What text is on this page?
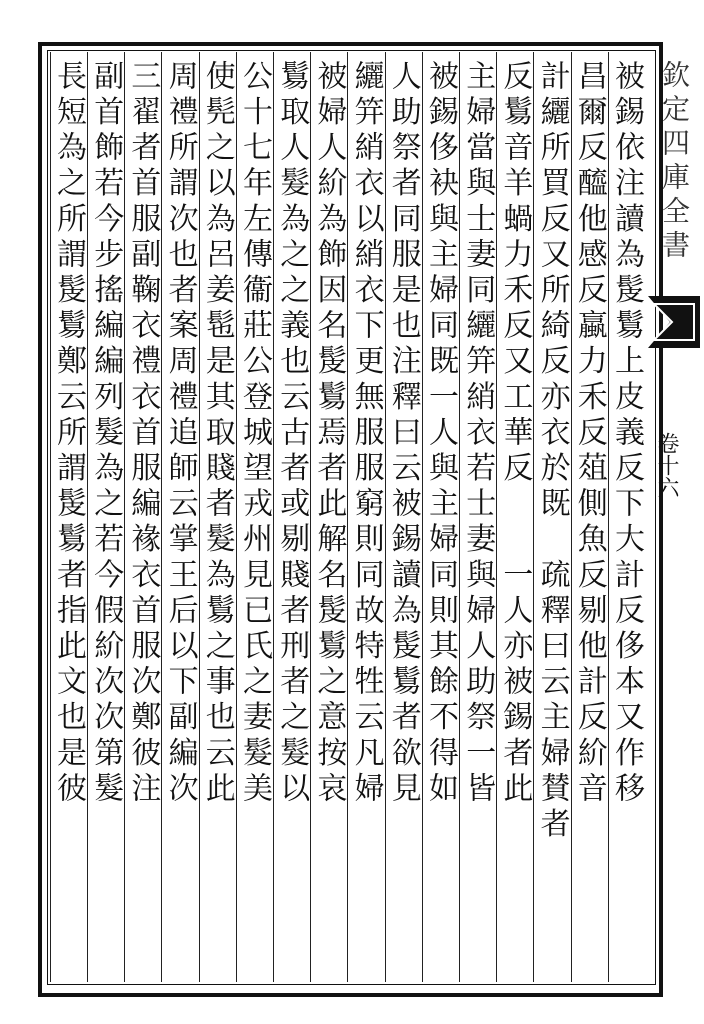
欽定四庫全書
卷十六
被錫依注讀為髲鬄上皮義反下大計反侈本又作移
昌爾反醯他感反蠃力禾反葅側魚反剔他計反紒音
計纚所買反又所綺反亦衣於既　疏釋曰云主婦賛者
反鬄音羊蝸力禾反又工華反　　一人亦被錫者此
主婦當與士妻同纚笄綃衣若士妻與婦人助祭一皆
被錫侈袂與主婦同既一人與主婦同則其餘不得如
人助祭者同服是也注釋曰云被錫讀為髲鬄者欲見
纚笄綃衣以綃衣下更無服服窮則同故特牲云凡婦
被婦人紒為飾因名髲鬄焉者此解名髲鬄之意按哀
鬄取人髮為之之義也云古者或剔賤者刑者之髮以
公十七年左傳衞莊公登城望戎州見已氏之妻髮美
使髡之以為呂姜髢是其取賤者髮為鬄之事也云此
周禮所謂次也者案周禮追師云掌王后以下副編次
三翟者首服副鞠衣禮衣首服編褖衣首服次鄭彼注
副首飾若今步搖編編列髮為之若今假紒次次第髮
長短為之所謂髲鬄鄭云所謂髲鬄者指此文也是彼
